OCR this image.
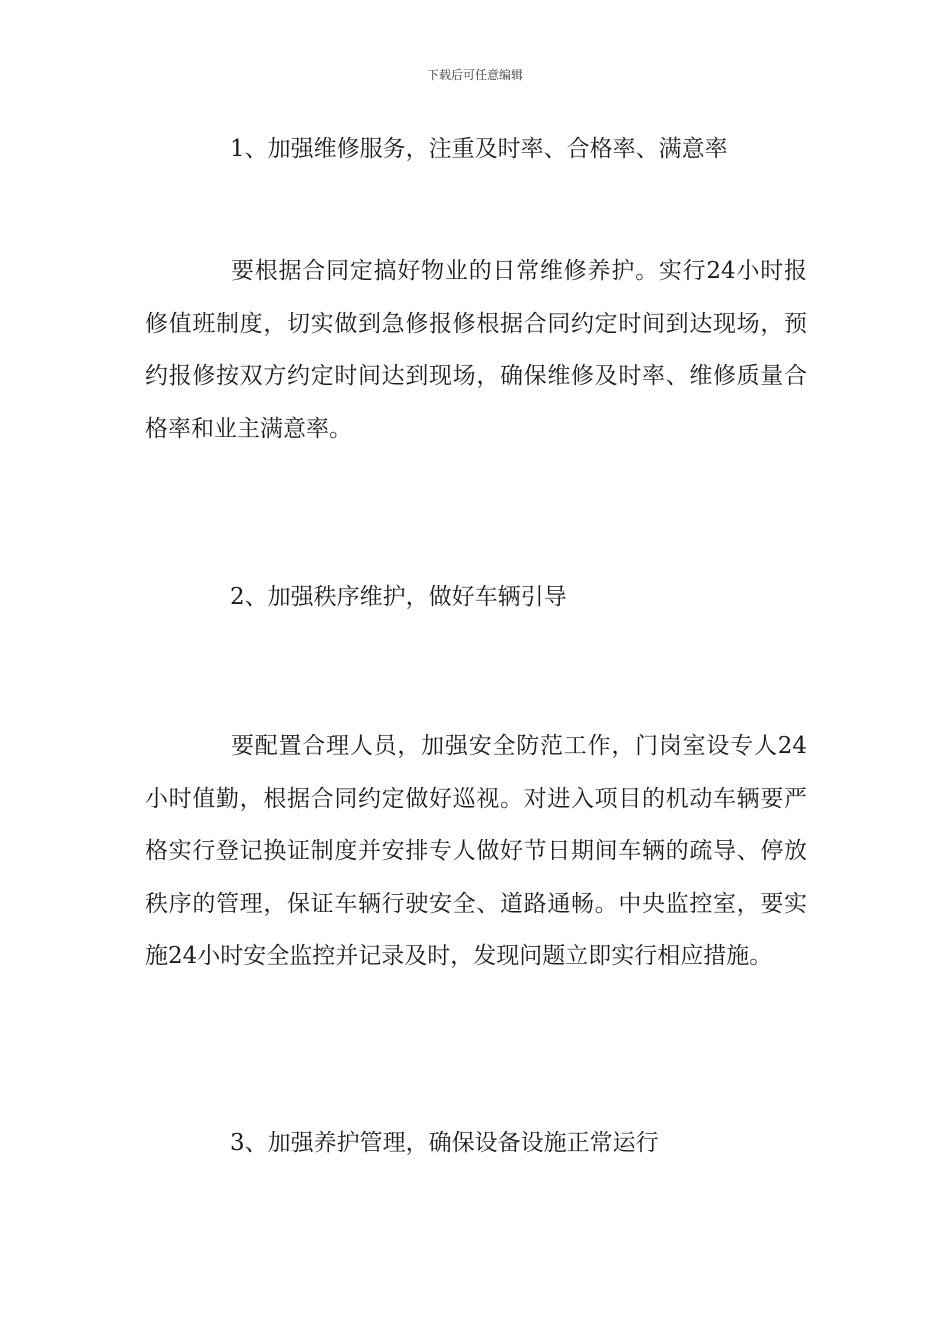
下载后可任意编辑
1、加强维修服务，注重及时率、合格率、满意率

要根据合同定搞好物业的日常维修养护。实行24小时报修值班制度，切实做到急修报修根据合同约定时间到达现场，预约报修按双方约定时间达到现场，确保维修及时率、维修质量合格率和业主满意率。

2、加强秩序维护，做好车辆引导

要配置合理人员，加强安全防范工作，门岗室设专人24小时值勤，根据合同约定做好巡视。对进入项目的机动车辆要严格实行登记换证制度并安排专人做好节日期间车辆的疏导、停放秩序的管理，保证车辆行驶安全、道路通畅。中央监控室，要实施24小时安全监控并记录及时，发现问题立即实行相应措施。

3、加强养护管理，确保设备设施正常运行
